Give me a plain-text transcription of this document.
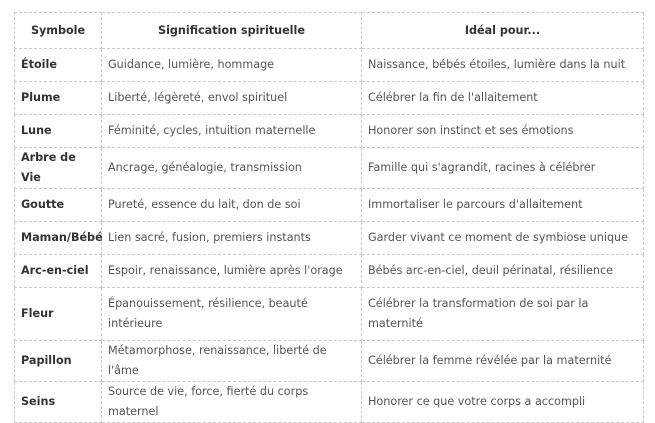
Symbole	Signification spirituelle	Idéal pour...
Étoile	Guidance, lumière, hommage	Naissance, bébés étoiles, lumière dans la nuit
Plume	Liberté, légèreté, envol spirituel	Célébrer la fin de l'allaitement
Lune	Féminité, cycles, intuition maternelle	Honorer son instinct et ses émotions
Arbre de Vie	Ancrage, généalogie, transmission	Famille qui s'agrandit, racines à célébrer
Goutte	Pureté, essence du lait, don de soi	Immortaliser le parcours d'allaitement
Maman/Bébé	Lien sacré, fusion, premiers instants	Garder vivant ce moment de symbiose unique
Arc-en-ciel	Espoir, renaissance, lumière après l'orage	Bébés arc-en-ciel, deuil périnatal, résilience
Fleur	Épanouissement, résilience, beauté intérieure	Célébrer la transformation de soi par la maternité
Papillon	Métamorphose, renaissance, liberté de l'âme	Célébrer la femme révélée par la maternité
Seins	Source de vie, force, fierté du corps maternel	Honorer ce que votre corps a accompli
